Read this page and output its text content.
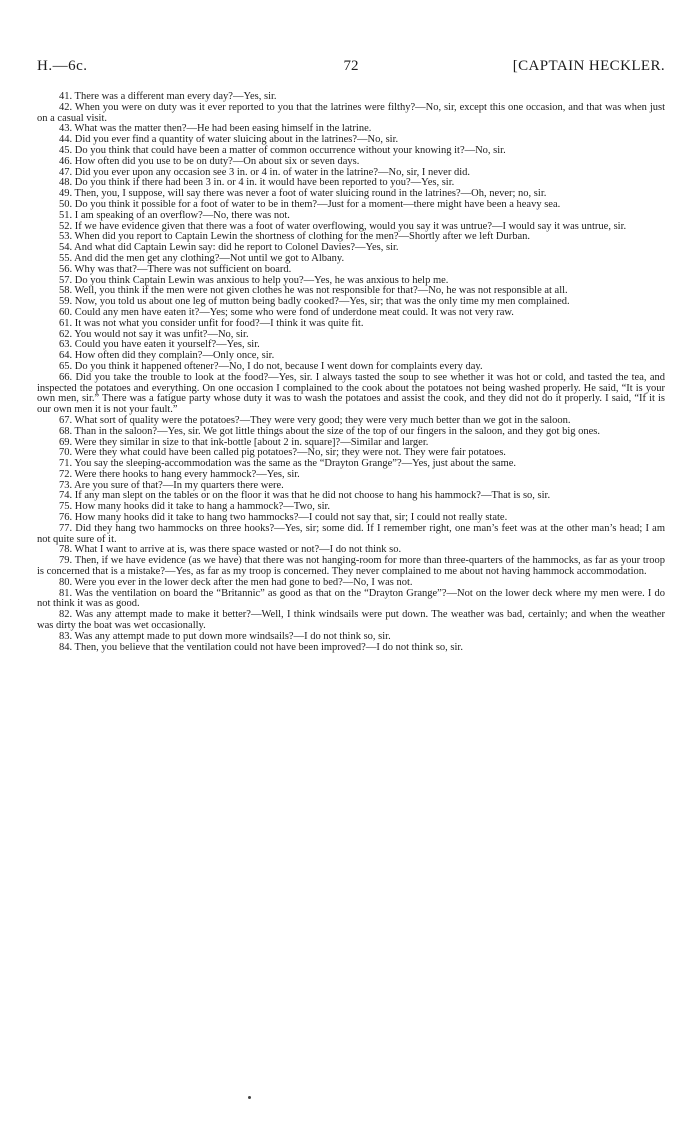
H.—6c.	72	[CAPTAIN HECKLER.

41. There was a different man every day?—Yes, sir.

42. When you were on duty was it ever reported to you that the latrines were filthy?—No, sir, except this one occasion, and that was when just on a casual visit.

43. What was the matter then?—He had been easing himself in the latrine.

44. Did you ever find a quantity of water sluicing about in the latrines?—No, sir.

45. Do you think that could have been a matter of common occurrence without your knowing it?—No, sir.

46. How often did you use to be on duty?—On about six or seven days.

47. Did you ever upon any occasion see 3 in. or 4 in. of water in the latrine?—No, sir, I never did.

48. Do you think if there had been 3 in. or 4 in. it would have been reported to you?—Yes, sir.

49. Then, you, I suppose, will say there was never a foot of water sluicing round in the latrines?—Oh, never; no, sir.

50. Do you think it possible for a foot of water to be in them?—Just for a moment—there might have been a heavy sea.

51. I am speaking of an overflow?—No, there was not.

52. If we have evidence given that there was a foot of water overflowing, would you say it was untrue?—I would say it was untrue, sir.

53. When did you report to Captain Lewin the shortness of clothing for the men?—Shortly after we left Durban.

54. And what did Captain Lewin say: did he report to Colonel Davies?—Yes, sir.

55. And did the men get any clothing?—Not until we got to Albany.

56. Why was that?—There was not sufficient on board.

57. Do you think Captain Lewin was anxious to help you?—Yes, he was anxious to help me.

58. Well, you think if the men were not given clothes he was not responsible for that?—No, he was not responsible at all.

59. Now, you told us about one leg of mutton being badly cooked?—Yes, sir; that was the only time my men complained.

60. Could any men have eaten it?—Yes; some who were fond of underdone meat could. It was not very raw.

61. It was not what you consider unfit for food?—I think it was quite fit.

62. You would not say it was unfit?—No, sir.

63. Could you have eaten it yourself?—Yes, sir.

64. How often did they complain?—Only once, sir.

65. Do you think it happened oftener?—No, I do not, because I went down for complaints every day.

66. Did you take the trouble to look at the food?—Yes, sir. I always tasted the soup to see whether it was hot or cold, and tasted the tea, and inspected the potatoes and everything. On one occasion I complained to the cook about the potatoes not being washed properly. He said, “It is your own men, sir.” There was a fatigue party whose duty it was to wash the potatoes and assist the cook, and they did not do it properly. I said, “If it is our own men it is not your fault.”

67. What sort of quality were the potatoes?—They were very good; they were very much better than we got in the saloon.

68. Than in the saloon?—Yes, sir. We got little things about the size of the top of our fingers in the saloon, and they got big ones.

69. Were they similar in size to that ink-bottle [about 2 in. square]?—Similar and larger.

70. Were they what could have been called pig potatoes?—No, sir; they were not. They were fair potatoes.

71. You say the sleeping-accommodation was the same as the “Drayton Grange”?—Yes, just about the same.

72. Were there hooks to hang every hammock?—Yes, sir.

73. Are you sure of that?—In my quarters there were.

74. If any man slept on the tables or on the floor it was that he did not choose to hang his hammock?—That is so, sir.

75. How many hooks did it take to hang a hammock?—Two, sir.

76. How many hooks did it take to hang two hammocks?—I could not say that, sir; I could not really state.

77. Did they hang two hammocks on three hooks?—Yes, sir; some did. If I remember right, one man’s feet was at the other man’s head; I am not quite sure of it.

78. What I want to arrive at is, was there space wasted or not?—I do not think so.

79. Then, if we have evidence (as we have) that there was not hanging-room for more than three-quarters of the hammocks, as far as your troop is concerned that is a mistake?—Yes, as far as my troop is concerned. They never complained to me about not having hammock accommodation.

80. Were you ever in the lower deck after the men had gone to bed?—No, I was not.

81. Was the ventilation on board the “Britannic” as good as that on the “Drayton Grange”?—Not on the lower deck where my men were. I do not think it was as good.

82. Was any attempt made to make it better?—Well, I think windsails were put down. The weather was bad, certainly; and when the weather was dirty the boat was wet occasionally.

83. Was any attempt made to put down more windsails?—I do not think so, sir.

84. Then, you believe that the ventilation could not have been improved?—I do not think so, sir.
